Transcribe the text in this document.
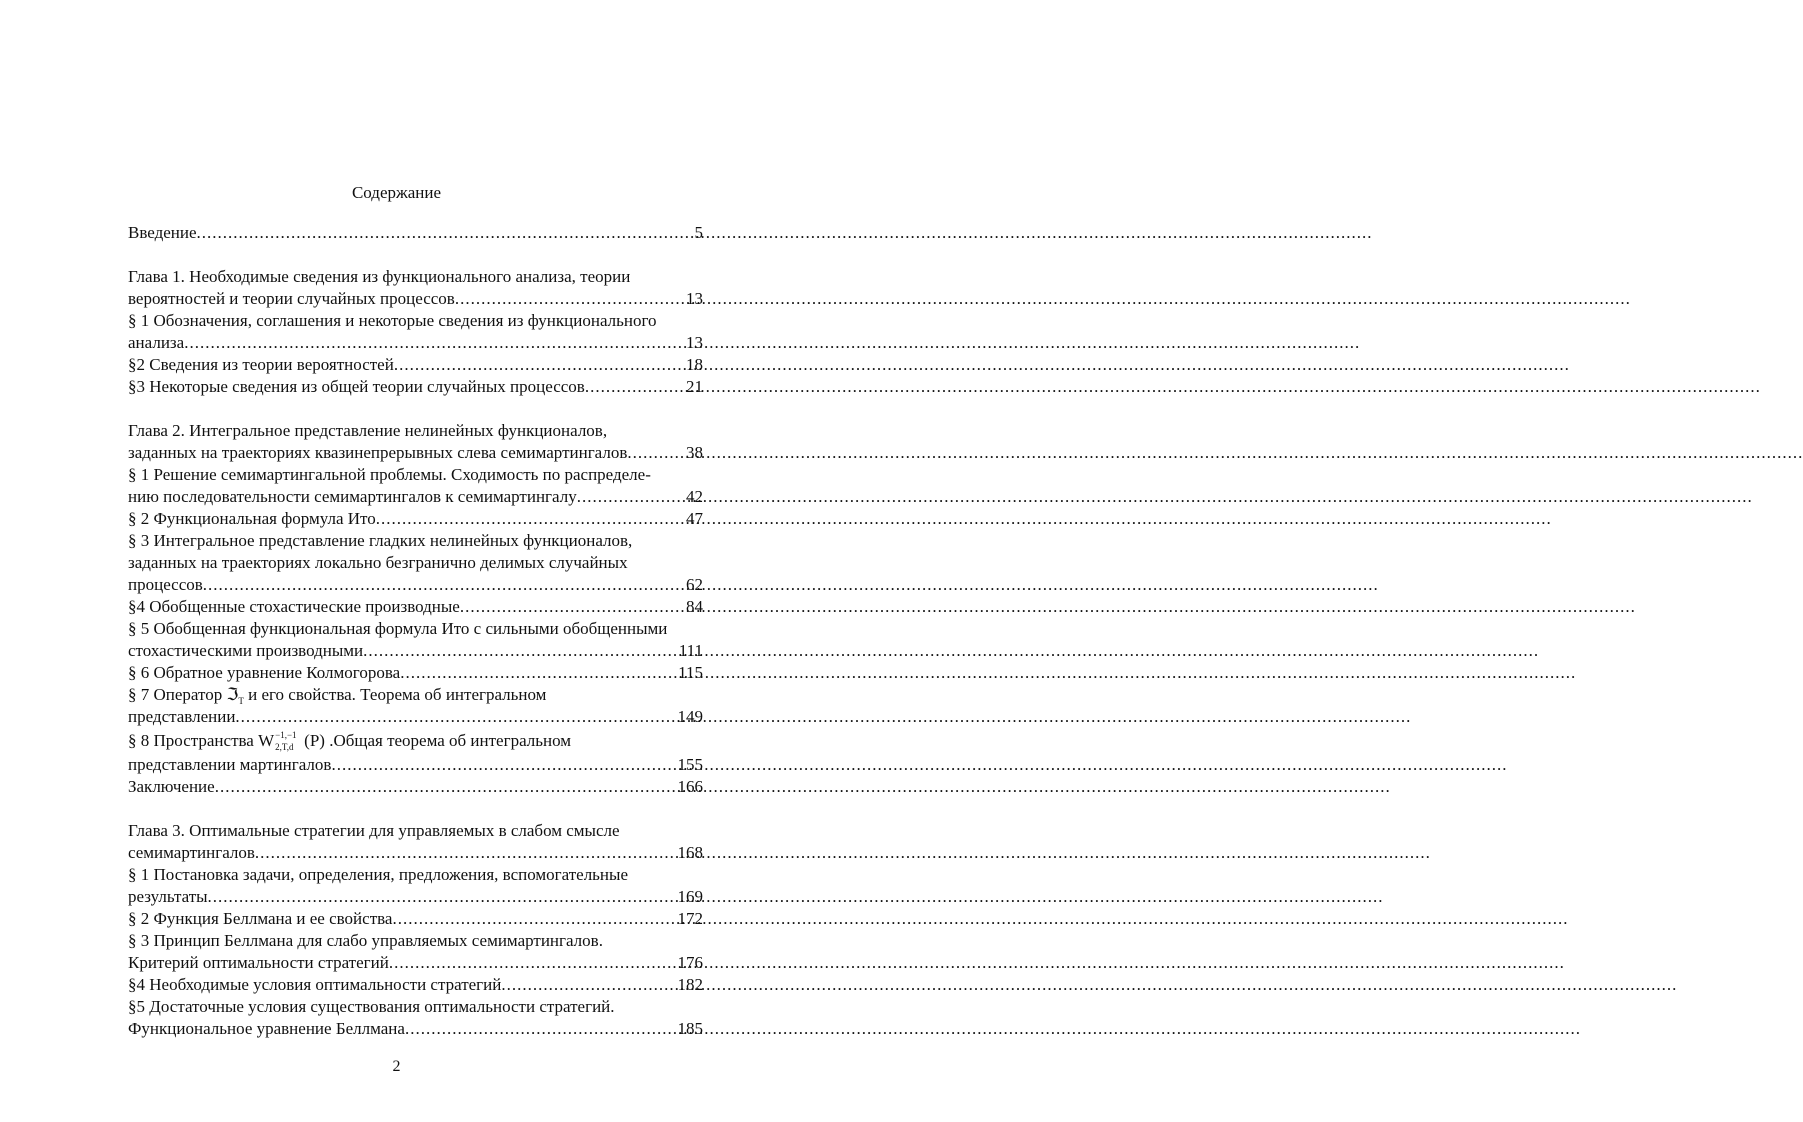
Содержание
Введение .....	5
Глава 1. Необходимые сведения из функционального анализа, теории
вероятностей и теории случайных процессов .....	13
§ 1 Обозначения, соглашения и некоторые сведения из функционального
анализа .....	13
§2 Сведения из теории вероятностей .....	18
§3 Некоторые сведения из общей теории случайных процессов .....	21
Глава 2. Интегральное представление нелинейных функционалов,
заданных на траекториях квазинепрерывных слева семимартингалов .....	38
§ 1 Решение семимартингальной проблемы. Сходимость по распределе-
нию последовательности семимартингалов к семимартингалу .....	42
§ 2 Функциональная формула Ито .....	47
§ 3 Интегральное представление гладких нелинейных функционалов,
заданных на траекториях локально безгранично делимых случайных
процессов .....	62
§4 Обобщенные стохастические производные .....	84
§ 5 Обобщенная функциональная формула Ито с сильными обобщенными
стохастическими производными .....	111
§ 6 Обратное уравнение Колмогорова .....	115
§ 7 Оператор ℑ$_T$ и его свойства. Теорема об интегральном
представлении .....	149
§ 8 Пространства W −1,−1
2,T,d (P) .Общая теорема об интегральном
представлении мартингалов .....	155
Заключение .....	166
Глава 3. Оптимальные стратегии для управляемых в слабом смысле
семимартингалов .....	168
§ 1 Постановка задачи, определения, предложения, вспомогательные
результаты .....	169
§ 2 Функция Беллмана и ее свойства .....	172
§ 3 Принцип Беллмана для слабо управляемых семимартингалов.
Критерий оптимальности стратегий .....	176
§4 Необходимые условия оптимальности стратегий .....	182
§5 Достаточные условия существования оптимальности стратегий.
Функциональное уравнение Беллмана .....	185
2
